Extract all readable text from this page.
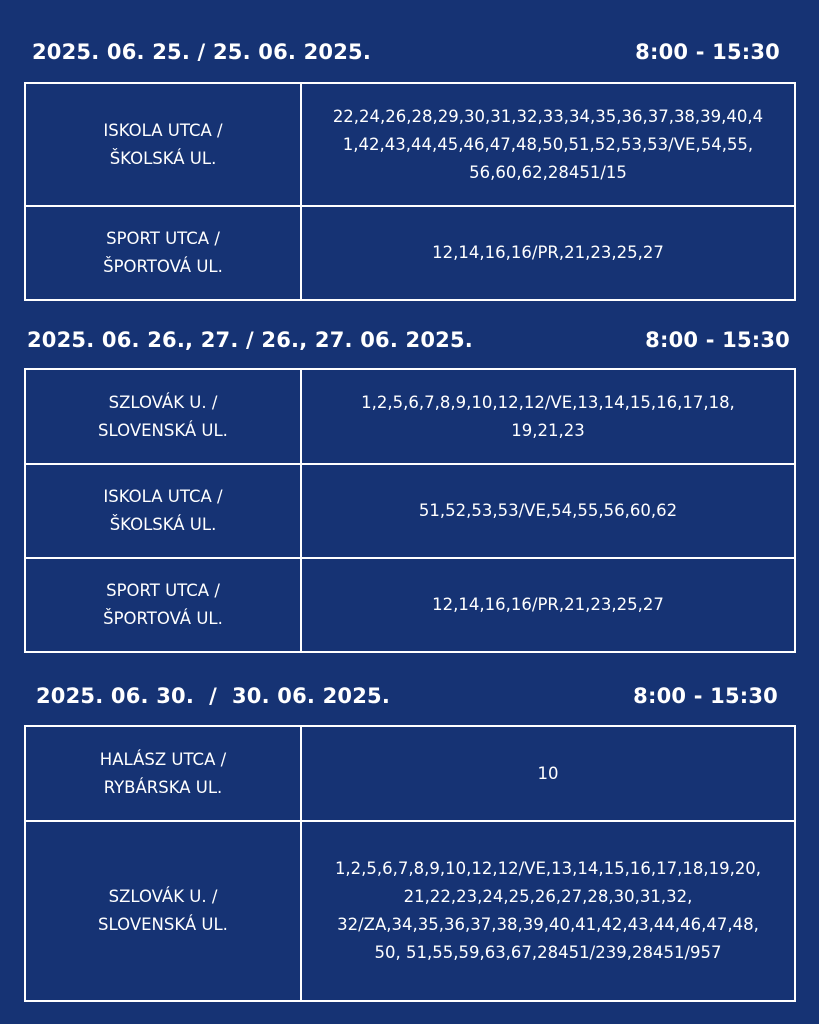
2025. 06. 25. / 25. 06. 2025.	8:00 - 15:30
ISKOLA UTCA /
ŠKOLSKÁ UL.	22,24,26,28,29,30,31,32,33,34,35,36,37,38,39,40,4
1,42,43,44,45,46,47,48,50,51,52,53,53/VE,54,55,
56,60,62,28451/15

SPORT UTCA /
ŠPORTOVÁ UL.	12,14,16,16/PR,21,23,25,27
2025. 06. 26., 27. / 26., 27. 06. 2025.	8:00 - 15:30
SZLOVÁK U. /
SLOVENSKÁ UL.	1,2,5,6,7,8,9,10,12,12/VE,13,14,15,16,17,18,
19,21,23

ISKOLA UTCA /
ŠKOLSKÁ UL.	51,52,53,53/VE,54,55,56,60,62

SPORT UTCA /
ŠPORTOVÁ UL.	12,14,16,16/PR,21,23,25,27
2025. 06. 30.  /  30. 06. 2025.	8:00 - 15:30
HALÁSZ UTCA /
RYBÁRSKA UL.	10

SZLOVÁK U. /
SLOVENSKÁ UL.	1,2,5,6,7,8,9,10,12,12/VE,13,14,15,16,17,18,19,20,
21,22,23,24,25,26,27,28,30,31,32,
32/ZA,34,35,36,37,38,39,40,41,42,43,44,46,47,48,
50, 51,55,59,63,67,28451/239,28451/957
